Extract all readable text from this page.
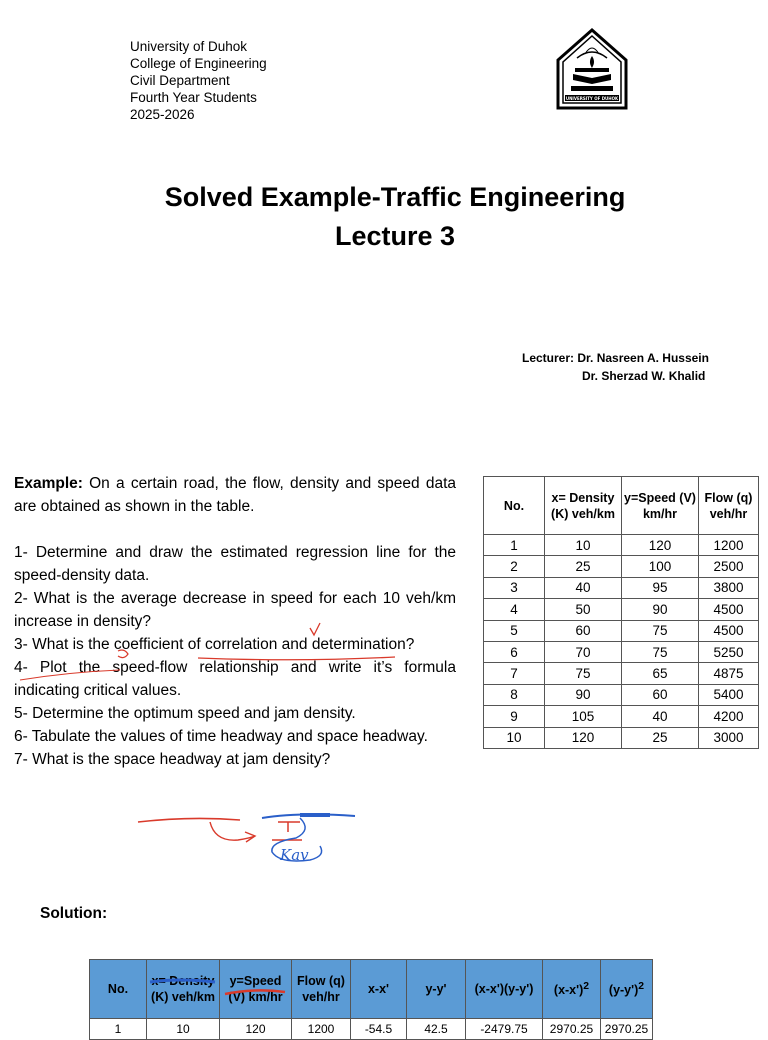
University of Duhok
College of Engineering
Civil Department
Fourth Year Students
2025-2026
UNIVERSITY OF DUHOK
Solved Example-Traffic Engineering
Lecture 3
Lecturer: Dr. Nasreen A. Hussein
Dr. Sherzad W. Khalid

Example: On a certain road, the flow, density and speed data are obtained as shown in the table.

1- Determine and draw the estimated regression line for the speed-density data.

2- What is the average decrease in speed for each 10 veh/km increase in density?

3- What is the coefficient of correlation and determination?

4- Plot the speed-flow relationship and write it’s formula indicating critical values.

5- Determine the optimum speed and jam density.

6- Tabulate the values of time headway and space headway.

7- What is the space headway at jam density?

No.	x= Density (K) veh/km	y=Speed (V) km/hr	Flow (q) veh/hr
1	10	120	1200
2	25	100	2500
3	40	95	3800
4	50	90	4500
5	60	75	4500
6	70	75	5250
7	75	65	4875
8	90	60	5400
9	105	40	4200
10	120	25	3000
Solution:
No.	x= Density (K) veh/km	y=Speed (V) km/hr	Flow (q) veh/hr	x-x'	y-y'	(x-x')(y-y')	$(x-x')^2$	$(y-y')^2$
1	10	120	1200	-54.5	42.5	-2479.75	2970.25	2970.25
Kav
